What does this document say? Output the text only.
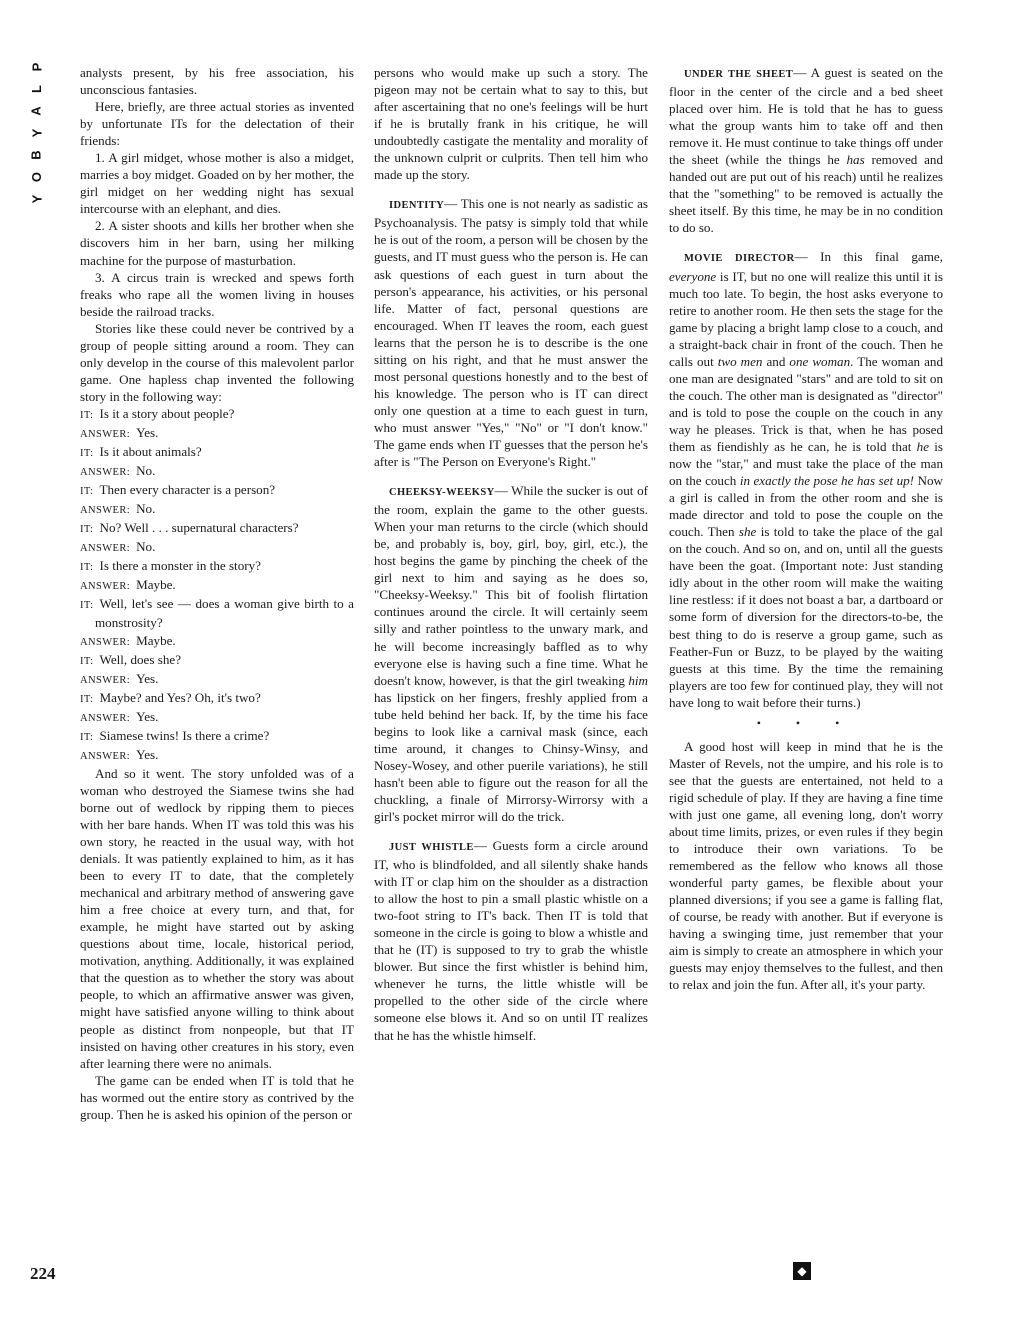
P
L
A
Y
B
O
Y
224

analysts present, by his free association, his unconscious fantasies.

Here, briefly, are three actual stories as invented by unfortunate ITs for the delectation of their friends:

1. A girl midget, whose mother is also a midget, marries a boy midget. Goaded on by her mother, the girl midget on her wedding night has sexual intercourse with an elephant, and dies.

2. A sister shoots and kills her brother when she discovers him in her barn, using her milking machine for the purpose of masturbation.

3. A circus train is wrecked and spews forth freaks who rape all the women living in houses beside the railroad tracks.

Stories like these could never be contrived by a group of people sitting around a room. They can only develop in the course of this malevolent parlor game. One hapless chap invented the following story in the following way:

IT: Is it a story about people?

ANSWER: Yes.

IT: Is it about animals?

ANSWER: No.

IT: Then every character is a person?

ANSWER: No.

IT: No? Well . . . supernatural characters?

ANSWER: No.

IT: Is there a monster in the story?

ANSWER: Maybe.

IT: Well, let's see — does a woman give birth to a monstrosity?

ANSWER: Maybe.

IT: Well, does she?

ANSWER: Yes.

IT: Maybe? and Yes? Oh, it's two?

ANSWER: Yes.

IT: Siamese twins! Is there a crime?

ANSWER: Yes.

And so it went. The story unfolded was of a woman who destroyed the Siamese twins she had borne out of wedlock by ripping them to pieces with her bare hands. When IT was told this was his own story, he reacted in the usual way, with hot denials. It was patiently explained to him, as it has been to every IT to date, that the completely mechanical and arbitrary method of answering gave him a free choice at every turn, and that, for example, he might have started out by asking questions about time, locale, historical period, motivation, anything. Additionally, it was explained that the question as to whether the story was about people, to which an affirmative answer was given, might have satisfied anyone willing to think about people as distinct from nonpeople, but that IT insisted on having other creatures in his story, even after learning there were no animals.

The game can be ended when IT is told that he has wormed out the entire story as contrived by the group. Then he is asked his opinion of the person or

persons who would make up such a story. The pigeon may not be certain what to say to this, but after ascertaining that no one's feelings will be hurt if he is brutally frank in his critique, he will undoubtedly castigate the mentality and morality of the unknown culprit or culprits. Then tell him who made up the story.

IDENTITY— This one is not nearly as sadistic as Psychoanalysis. The patsy is simply told that while he is out of the room, a person will be chosen by the guests, and IT must guess who the person is. He can ask questions of each guest in turn about the person's appearance, his activities, or his personal life. Matter of fact, personal questions are encouraged. When IT leaves the room, each guest learns that the person he is to describe is the one sitting on his right, and that he must answer the most personal questions honestly and to the best of his knowledge. The person who is IT can direct only one question at a time to each guest in turn, who must answer "Yes," "No" or "I don't know." The game ends when IT guesses that the person he's after is "The Person on Everyone's Right."

CHEEKSY-WEEKSY— While the sucker is out of the room, explain the game to the other guests. When your man returns to the circle (which should be, and probably is, boy, girl, boy, girl, etc.), the host begins the game by pinching the cheek of the girl next to him and saying as he does so, "Cheeksy-Weeksy." This bit of foolish flirtation continues around the circle. It will certainly seem silly and rather pointless to the unwary mark, and he will become increasingly baffled as to why everyone else is having such a fine time. What he doesn't know, however, is that the girl tweaking him has lipstick on her fingers, freshly applied from a tube held behind her back. If, by the time his face begins to look like a carnival mask (since, each time around, it changes to Chinsy-Winsy, and Nosey-Wosey, and other puerile variations), he still hasn't been able to figure out the reason for all the chuckling, a finale of Mirrorsy-Wirrorsy with a girl's pocket mirror will do the trick.

JUST WHISTLE— Guests form a circle around IT, who is blindfolded, and all silently shake hands with IT or clap him on the shoulder as a distraction to allow the host to pin a small plastic whistle on a two-foot string to IT's back. Then IT is told that someone in the circle is going to blow a whistle and that he (IT) is supposed to try to grab the whistle blower. But since the first whistler is behind him, whenever he turns, the little whistle will be propelled to the other side of the circle where someone else blows it. And so on until IT realizes that he has the whistle himself.

UNDER THE SHEET— A guest is seated on the floor in the center of the circle and a bed sheet placed over him. He is told that he has to guess what the group wants him to take off and then remove it. He must continue to take things off under the sheet (while the things he has removed and handed out are put out of his reach) until he realizes that the "something" to be removed is actually the sheet itself. By this time, he may be in no condition to do so.

MOVIE DIRECTOR— In this final game, everyone is IT, but no one will realize this until it is much too late. To begin, the host asks everyone to retire to another room. He then sets the stage for the game by placing a bright lamp close to a couch, and a straight-back chair in front of the couch. Then he calls out two men and one woman. The woman and one man are designated "stars" and are told to sit on the couch. The other man is designated as "director" and is told to pose the couple on the couch in any way he pleases. Trick is that, when he has posed them as fiendishly as he can, he is told that he is now the "star," and must take the place of the man on the couch in exactly the pose he has set up! Now a girl is called in from the other room and she is made director and told to pose the couple on the couch. Then she is told to take the place of the gal on the couch. And so on, and on, until all the guests have been the goat. (Important note: Just standing idly about in the other room will make the waiting line restless: if it does not boast a bar, a dartboard or some form of diversion for the directors-to-be, the best thing to do is reserve a group game, such as Feather-Fun or Buzz, to be played by the waiting guests at this time. By the time the remaining players are too few for continued play, they will not have long to wait before their turns.)

• • •

A good host will keep in mind that he is the Master of Revels, not the umpire, and his role is to see that the guests are entertained, not held to a rigid schedule of play. If they are having a fine time with just one game, all evening long, don't worry about time limits, prizes, or even rules if they begin to introduce their own variations. To be remembered as the fellow who knows all those wonderful party games, be flexible about your planned diversions; if you see a game is falling flat, of course, be ready with another. But if everyone is having a swinging time, just remember that your aim is simply to create an atmosphere in which your guests may enjoy themselves to the fullest, and then to relax and join the fun. After all, it's your party.

◆
